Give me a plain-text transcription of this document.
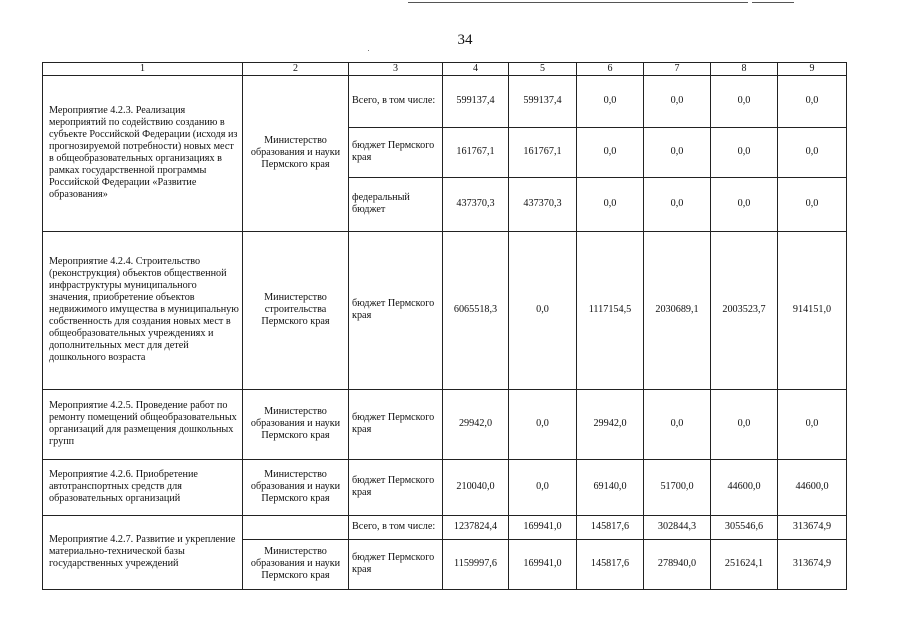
34
1	2	3	4	5	6	7	8	9
Мероприятие 4.2.3. Реализация мероприятий по содействию созданию в субъекте Российской Федерации (исходя из прогнозируемой потребности) новых мест в общеобразовательных организациях в рамках государственной программы Российской Федерации «Развитие образования»	Министерство образования и науки Пермского края	Всего, в том числе:	599137,4	599137,4	0,0	0,0	0,0	0,0
		бюджет Пермского края	161767,1	161767,1	0,0	0,0	0,0	0,0
		федеральный бюджет	437370,3	437370,3	0,0	0,0	0,0	0,0
Мероприятие 4.2.4. Строительство (реконструкция) объектов общественной инфраструктуры муниципального значения, приобретение объектов недвижимого имущества в муниципальную собственность для создания новых мест в общеобразовательных учреждениях и дополнительных мест для детей дошкольного возраста	Министерство строительства Пермского края	бюджет Пермского края	6065518,3	0,0	1117154,5	2030689,1	2003523,7	914151,0
Мероприятие 4.2.5. Проведение работ по ремонту помещений общеобразовательных организаций для размещения дошкольных групп	Министерство образования и науки Пермского края	бюджет Пермского края	29942,0	0,0	29942,0	0,0	0,0	0,0
Мероприятие 4.2.6. Приобретение автотранспортных средств для образовательных организаций	Министерство образования и науки Пермского края	бюджет Пермского края	210040,0	0,0	69140,0	51700,0	44600,0	44600,0
Мероприятие 4.2.7. Развитие и укрепление материально-технической базы государственных учреждений		Всего, в том числе:	1237824,4	169941,0	145817,6	302844,3	305546,6	313674,9
	Министерство образования и науки Пермского края	бюджет Пермского края	1159997,6	169941,0	145817,6	278940,0	251624,1	313674,9
